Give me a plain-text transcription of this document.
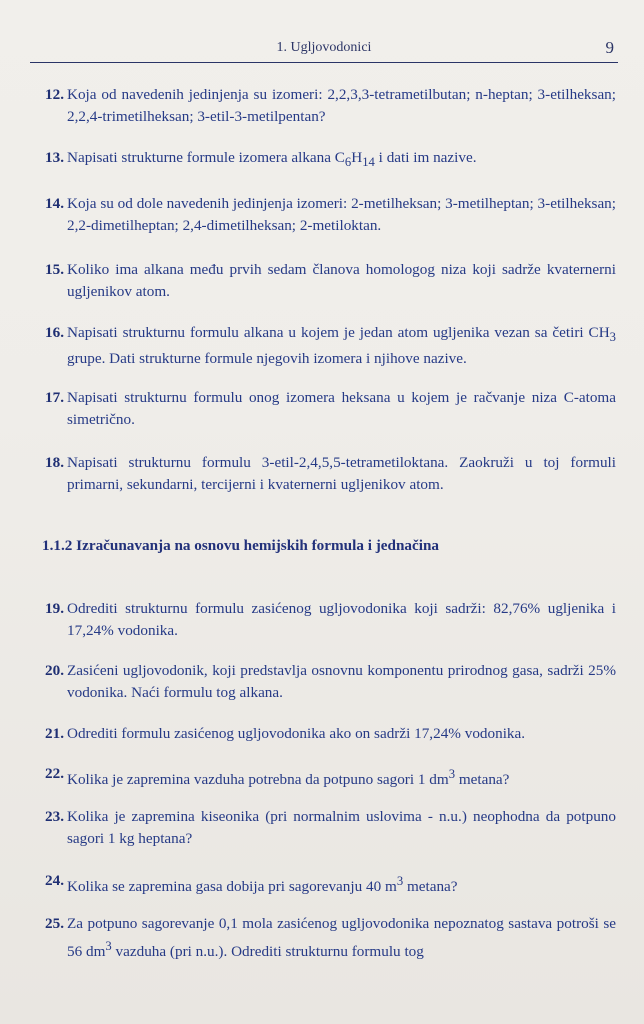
1. Ugljovodonici	9
12. Koja od navedenih jedinjenja su izomeri: 2,2,3,3-tetrametilbutan; n-heptan; 3-etilheksan; 2,2,4-trimetilheksan; 3-etil-3-metilpentan?
13. Napisati strukturne formule izomera alkana $C_6H_{14}$ i dati im nazive.
14. Koja su od dole navedenih jedinjenja izomeri: 2-metilheksan; 3-metilheptan; 3-etilheksan; 2,2-dimetilheptan; 2,4-dimetilheksan; 2-metiloktan.
15. Koliko ima alkana među prvih sedam članova homologog niza koji sadrže kvaternerni ugljenikov atom.
16. Napisati strukturnu formulu alkana u kojem je jedan atom ugljenika vezan sa četiri $CH_3$ grupe. Dati strukturne formule njegovih izomera i njihove nazive.
17. Napisati strukturnu formulu onog izomera heksana u kojem je račvanje niza C-atoma simetrično.
18. Napisati strukturnu formulu 3-etil-2,4,5,5-tetrametiloktana. Zaokruži u toj formuli primarni, sekundarni, tercijerni i kvaternerni ugljenikov atom.
1.1.2 Izračunavanja na osnovu hemijskih formula i jednačina
19. Odrediti strukturnu formulu zasićenog ugljovodonika koji sadrži: 82,76% ugljenika i 17,24% vodonika.
20. Zasićeni ugljovodonik, koji predstavlja osnovnu komponentu prirodnog gasa, sadrži 25% vodonika. Naći formulu tog alkana.
21. Odrediti formulu zasićenog ugljovodonika ako on sadrži 17,24% vodonika.
22. Kolika je zapremina vazduha potrebna da potpuno sagori 1 $dm^3$ metana?
23. Kolika je zapremina kiseonika (pri normalnim uslovima - n.u.) neophodna da potpuno sagori 1 kg heptana?
24. Kolika se zapremina gasa dobija pri sagorevanju 40 $m^3$ metana?
25. Za potpuno sagorevanje 0,1 mola zasićenog ugljovodonika nepoznatog sastava potroši se 56 $dm^3$ vazduha (pri n.u.). Odrediti strukturnu formulu tog
